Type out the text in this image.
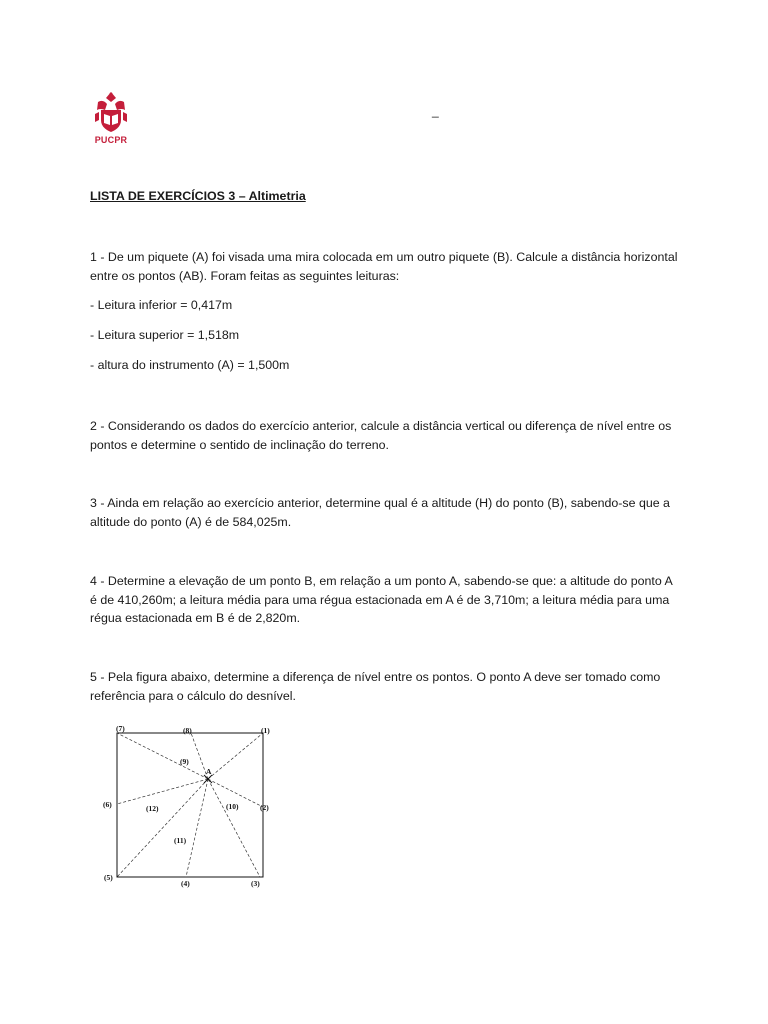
PUCPR
_
LISTA DE EXERCÍCIOS 3 – Altimetria

1 - De um piquete (A) foi visada uma mira colocada em um outro piquete (B). Calcule a distância horizontal entre os pontos (AB). Foram feitas as seguintes leituras:

- Leitura inferior = 0,417m

- Leitura superior = 1,518m

- altura do instrumento (A) = 1,500m

2 - Considerando os dados do exercício anterior, calcule a distância vertical ou diferença de nível entre os pontos e determine o sentido de inclinação do terreno.

3 - Ainda em relação ao exercício anterior, determine qual é a altitude (H) do ponto (B), sabendo-se que a altitude do ponto (A) é de 584,025m.

4 - Determine a elevação de um ponto B, em relação a um ponto A, sabendo-se que: a altitude do ponto A é de 410,260m; a leitura média para uma régua estacionada em A é de 3,710m; a leitura média para uma régua estacionada em B é de 2,820m.

5 - Pela figura abaixo, determine a diferença de nível entre os pontos. O ponto A deve ser tomado como referência para o cálculo do desnível.

A
(7)	(8)	(1)
(9)
(6)	(12)	(10)	(2)
(11)
(5)
(4)	(3)
